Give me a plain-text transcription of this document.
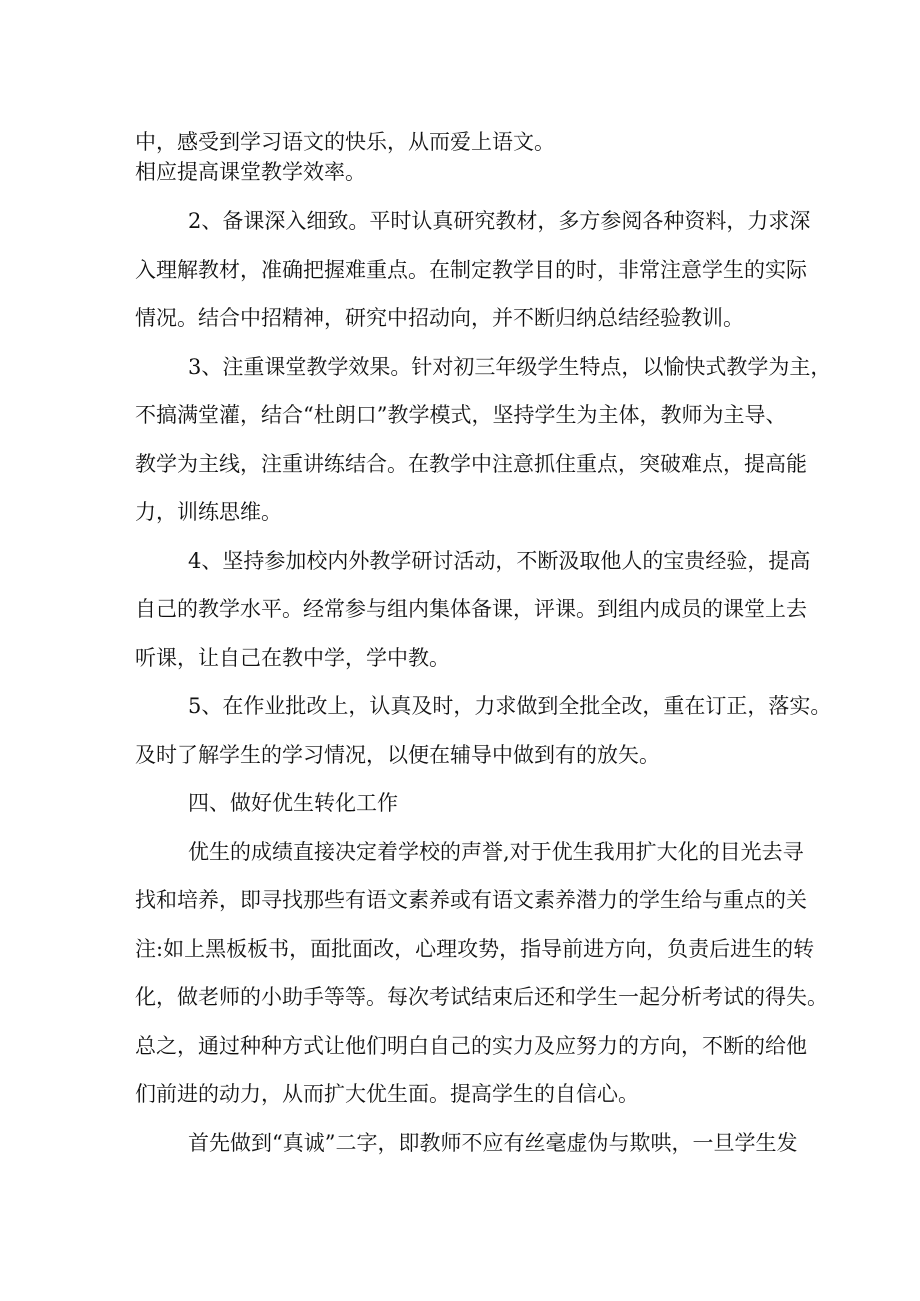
中，感受到学习语文的快乐，从而爱上语文。
相应提高课堂教学效率。
2、备课深入细致。平时认真研究教材，多方参阅各种资料，力求深
入理解教材，准确把握难重点。在制定教学目的时，非常注意学生的实际
情况。结合中招精神，研究中招动向，并不断归纳总结经验教训。
3、注重课堂教学效果。针对初三年级学生特点，以愉快式教学为主，
不搞满堂灌，结合“杜朗口”教学模式，坚持学生为主体，教师为主导、
教学为主线，注重讲练结合。在教学中注意抓住重点，突破难点，提高能
力，训练思维。
4、坚持参加校内外教学研讨活动，不断汲取他人的宝贵经验，提高
自己的教学水平。经常参与组内集体备课，评课。到组内成员的课堂上去
听课，让自己在教中学，学中教。
5、在作业批改上，认真及时，力求做到全批全改，重在订正，落实。
及时了解学生的学习情况，以便在辅导中做到有的放矢。
四、做好优生转化工作
优生的成绩直接决定着学校的声誉,对于优生我用扩大化的目光去寻
找和培养，即寻找那些有语文素养或有语文素养潜力的学生给与重点的关
注:如上黑板板书，面批面改，心理攻势，指导前进方向，负责后进生的转
化，做老师的小助手等等。每次考试结束后还和学生一起分析考试的得失。
总之，通过种种方式让他们明白自己的实力及应努力的方向，不断的给他
们前进的动力，从而扩大优生面。提高学生的自信心。
首先做到“真诚”二字，即教师不应有丝毫虚伪与欺哄，一旦学生发
